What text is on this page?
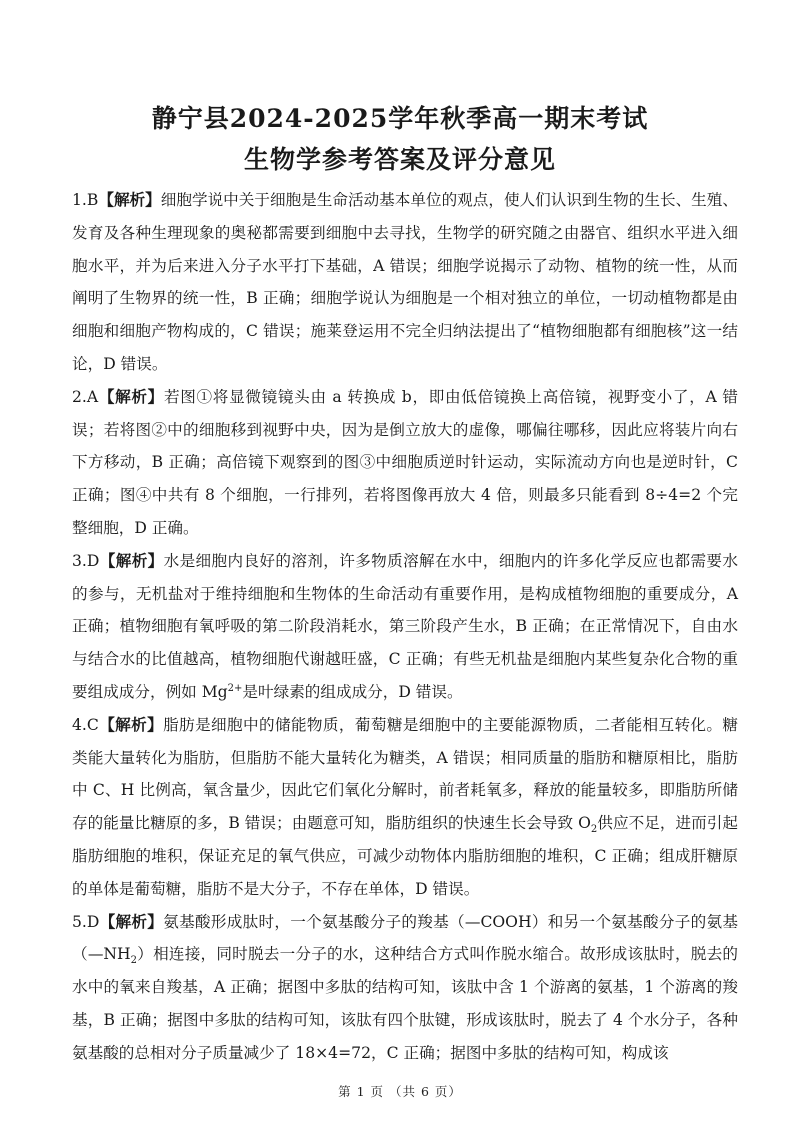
静宁县2024-2025学年秋季高一期末考试
生物学参考答案及评分意见

1.B【解析】细胞学说中关于细胞是生命活动基本单位的观点，使人们认识到生物的生长、生殖、发育及各种生理现象的奥秘都需要到细胞中去寻找，生物学的研究随之由器官、组织水平进入细胞水平，并为后来进入分子水平打下基础，A 错误；细胞学说揭示了动物、植物的统一性，从而阐明了生物界的统一性，B 正确；细胞学说认为细胞是一个相对独立的单位，一切动植物都是由细胞和细胞产物构成的，C 错误；施莱登运用不完全归纳法提出了“植物细胞都有细胞核”这一结论，D 错误。

2.A【解析】若图①将显微镜镜头由 a 转换成 b，即由低倍镜换上高倍镜，视野变小了，A 错误；若将图②中的细胞移到视野中央，因为是倒立放大的虚像，哪偏往哪移，因此应将装片向右下方移动，B 正确；高倍镜下观察到的图③中细胞质逆时针运动，实际流动方向也是逆时针，C 正确；图④中共有 8 个细胞，一行排列，若将图像再放大 4 倍，则最多只能看到 8÷4=2 个完整细胞，D 正确。

3.D【解析】水是细胞内良好的溶剂，许多物质溶解在水中，细胞内的许多化学反应也都需要水的参与，无机盐对于维持细胞和生物体的生命活动有重要作用，是构成植物细胞的重要成分，A 正确；植物细胞有氧呼吸的第二阶段消耗水，第三阶段产生水，B 正确；在正常情况下，自由水与结合水的比值越高，植物细胞代谢越旺盛，C 正确；有些无机盐是细胞内某些复杂化合物的重要组成成分，例如 $Mg^{2+}$是叶绿素的组成成分，D 错误。

4.C【解析】脂肪是细胞中的储能物质，葡萄糖是细胞中的主要能源物质，二者能相互转化。糖类能大量转化为脂肪，但脂肪不能大量转化为糖类，A 错误；相同质量的脂肪和糖原相比，脂肪中 C、H 比例高，氧含量少，因此它们氧化分解时，前者耗氧多，释放的能量较多，即脂肪所储存的能量比糖原的多，B 错误；由题意可知，脂肪组织的快速生长会导致 $O_2$供应不足，进而引起脂肪细胞的堆积，保证充足的氧气供应，可减少动物体内脂肪细胞的堆积，C 正确；组成肝糖原的单体是葡萄糖，脂肪不是大分子，不存在单体，D 错误。

5.D【解析】氨基酸形成肽时，一个氨基酸分子的羧基（—COOH）和另一个氨基酸分子的氨基$(—NH_2)$相连接，同时脱去一分子的水，这种结合方式叫作脱水缩合。故形成该肽时，脱去的水中的氧来自羧基，A 正确；据图中多肽的结构可知，该肽中含 1 个游离的氨基，1 个游离的羧基，B 正确；据图中多肽的结构可知，该肽有四个肽键，形成该肽时，脱去了 4 个水分子，各种氨基酸的总相对分子质量减少了 18×4=72，C 正确；据图中多肽的结构可知，构成该

第 1 页 （共 6 页）
